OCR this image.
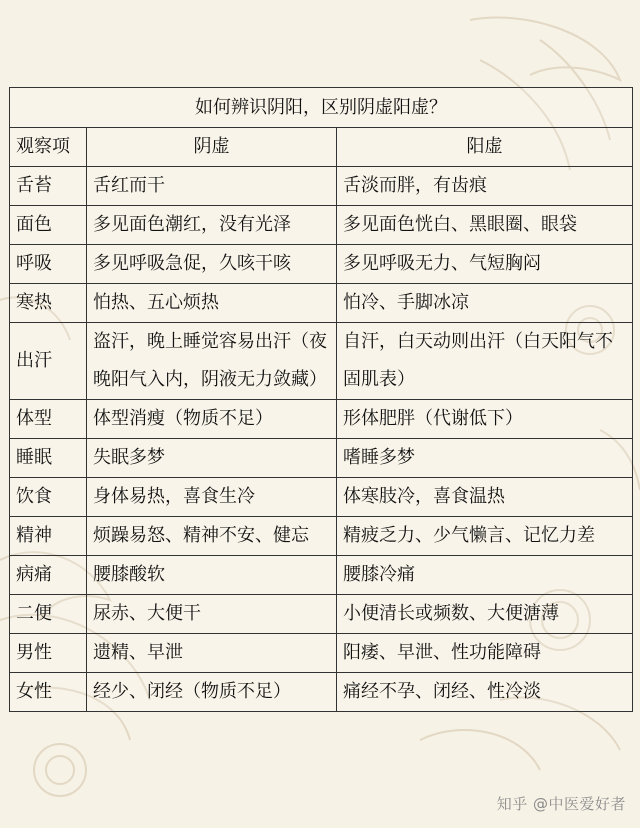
如何辨识阴阳，区别阴虚阳虚？		
观察项	阴虚	阳虚
舌苔	舌红而干	舌淡而胖，有齿痕
面色	多见面色潮红，没有光泽	多见面色恍白、黑眼圈、眼袋
呼吸	多见呼吸急促，久咳干咳	多见呼吸无力、气短胸闷
寒热	怕热、五心烦热	怕冷、手脚冰凉
出汗	盗汗，晚上睡觉容易出汗（夜晚阳气入内，阴液无力敛藏）	自汗，白天动则出汗（白天阳气不固肌表）
体型	体型消瘦（物质不足）	形体肥胖（代谢低下）
睡眠	失眠多梦	嗜睡多梦
饮食	身体易热，喜食生冷	体寒肢冷，喜食温热
精神	烦躁易怒、精神不安、健忘	精疲乏力、少气懒言、记忆力差
病痛	腰膝酸软	腰膝冷痛
二便	尿赤、大便干	小便清长或频数、大便溏薄
男性	遗精、早泄	阳痿、早泄、性功能障碍
女性	经少、闭经（物质不足）	痛经不孕、闭经、性冷淡
知乎 @中医爱好者
